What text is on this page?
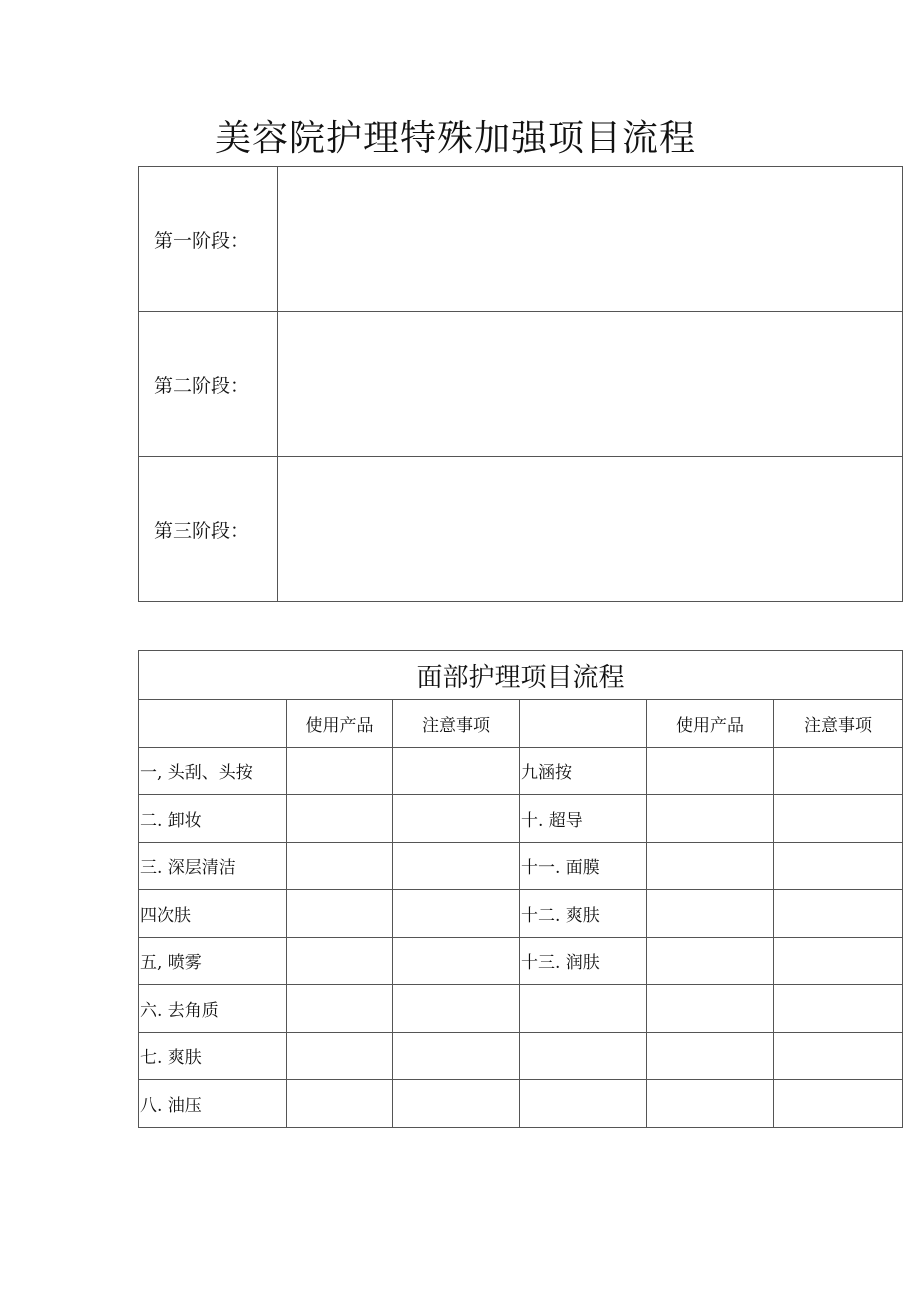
美容院护理特殊加强项目流程
第一阶段：	
第二阶段：	
第三阶段：	
面部护理项目流程					
	使用产品	注意事项		使用产品	注意事项
一, 头刮、头按			九涵按		
二. 卸妆			十. 超导		
三. 深层清洁			十一. 面膜		
四次肤			十二. 爽肤		
五, 喷雾			十三. 润肤		
六. 去角质					
七. 爽肤					
八. 油压					
